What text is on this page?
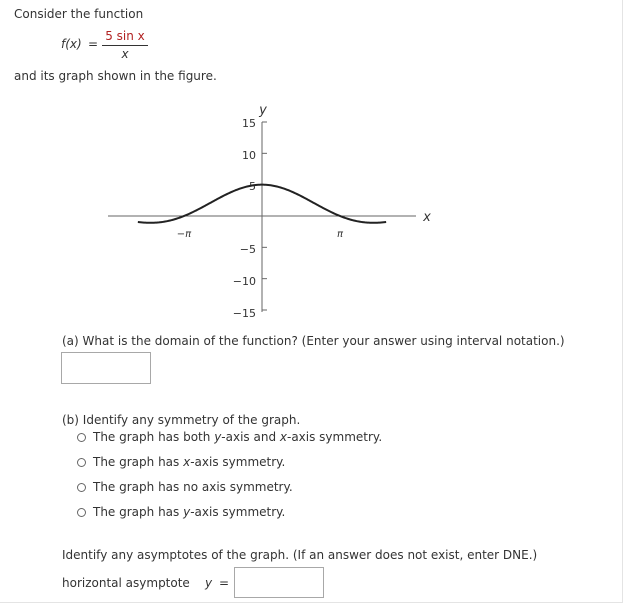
Consider the function
f(x) =
5 sin x
x
and its graph shown in the figure.
15
10
5
−5
−10
−15
y
x
−π	π
(a) What is the domain of the function? (Enter your answer using interval notation.)
(b) Identify any symmetry of the graph.
The graph has both y-axis and x-axis symmetry.
The graph has x-axis symmetry.
The graph has no axis symmetry.
The graph has y-axis symmetry.
Identify any asymptotes of the graph. (If an answer does not exist, enter DNE.)
horizontal asymptote y =
